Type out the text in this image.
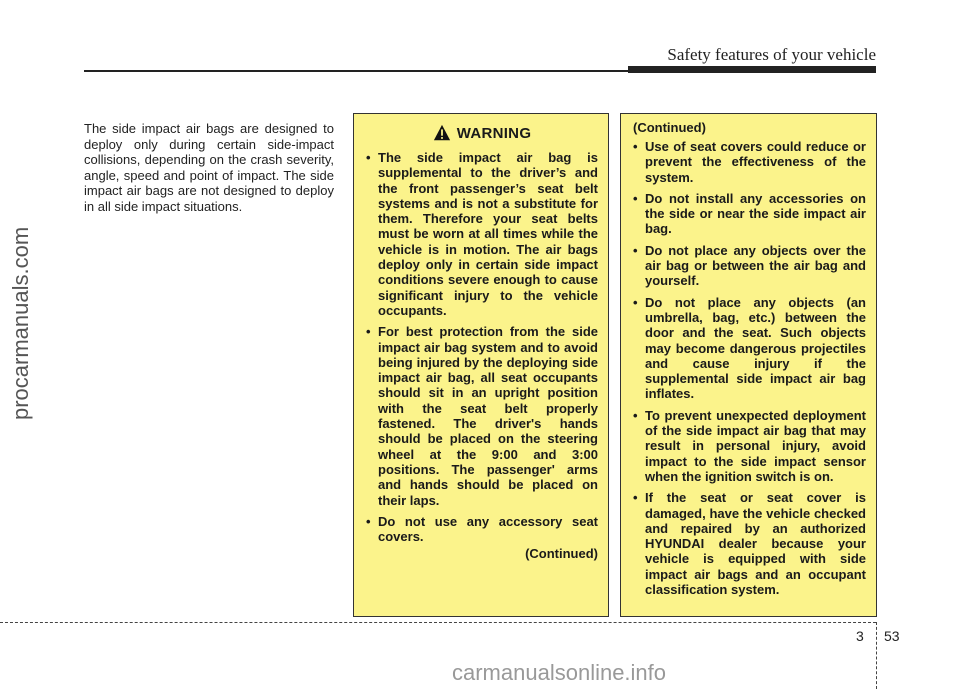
Safety features of your vehicle
procarmanuals.com

The side impact air bags are designed to deploy only during certain side-impact collisions, depending on the crash severity, angle, speed and point of impact. The side impact air bags are not designed to deploy in all side impact situations.

WARNING
• The side impact air bag is supplemental to the driver’s and the front passenger’s seat belt systems and is not a substitute for them. Therefore your seat belts must be worn at all times while the vehicle is in motion. The air bags deploy only in certain side impact conditions severe enough to cause significant injury to the vehicle occupants.
• For best protection from the side impact air bag system and to avoid being injured by the deploying side impact air bag, all seat occupants should sit in an upright position with the seat belt properly fastened. The driver's hands should be placed on the steering wheel at the 9:00 and 3:00 positions. The passenger' arms and hands should be placed on their laps.
• Do not use any accessory seat covers.
(Continued)
(Continued)
• Use of seat covers could reduce or prevent the effectiveness of the system.
• Do not install any accessories on the side or near the side impact air bag.
• Do not place any objects over the air bag or between the air bag and yourself.
• Do not place any objects (an umbrella, bag, etc.) between the door and the seat. Such objects may become dangerous projectiles and cause injury if the supplemental side impact air bag inflates.
• To prevent unexpected deployment of the side impact air bag that may result in personal injury, avoid impact to the side impact sensor when the ignition switch is on.
• If the seat or seat cover is damaged, have the vehicle checked and repaired by an authorized HYUNDAI dealer because your vehicle is equipped with side impact air bags and an occupant classification system.
3 53
carmanualsonline.info
